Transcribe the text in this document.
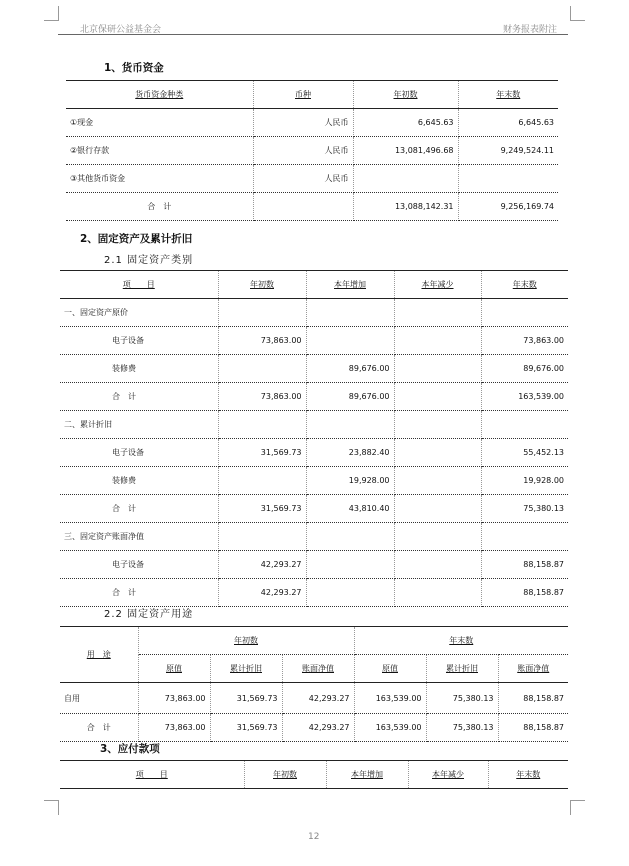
北京保研公益基金会	财务报表附注
1、货币资金
货币资金种类	币种	年初数	年末数
①现金	人民币	6,645.63	6,645.63
②银行存款	人民币	13,081,496.68	9,249,524.11
③其他货币资金	人民币		
合　计		13,088,142.31	9,256,169.74
2、固定资产及累计折旧
2.1 固定资产类别
项　　目	年初数	本年增加	本年减少	年末数
一、固定资产原价				
电子设备	73,863.00			73,863.00
装修费		89,676.00		89,676.00
合　计	73,863.00	89,676.00		163,539.00
二、累计折旧				
电子设备	31,569.73	23,882.40		55,452.13
装修费		19,928.00		19,928.00
合　计	31,569.73	43,810.40		75,380.13
三、固定资产账面净值				
电子设备	42,293.27			88,158.87
合　计	42,293.27			88,158.87
2.2 固定资产用途
用　途	年初数			年末数		
	原值	累计折旧	账面净值	原值	累计折旧	账面净值
自用	73,863.00	31,569.73	42,293.27	163,539.00	75,380.13	88,158.87
合　计	73,863.00	31,569.73	42,293.27	163,539.00	75,380.13	88,158.87
3、应付款项
项　　目	年初数	本年增加	本年减少	年末数
12
